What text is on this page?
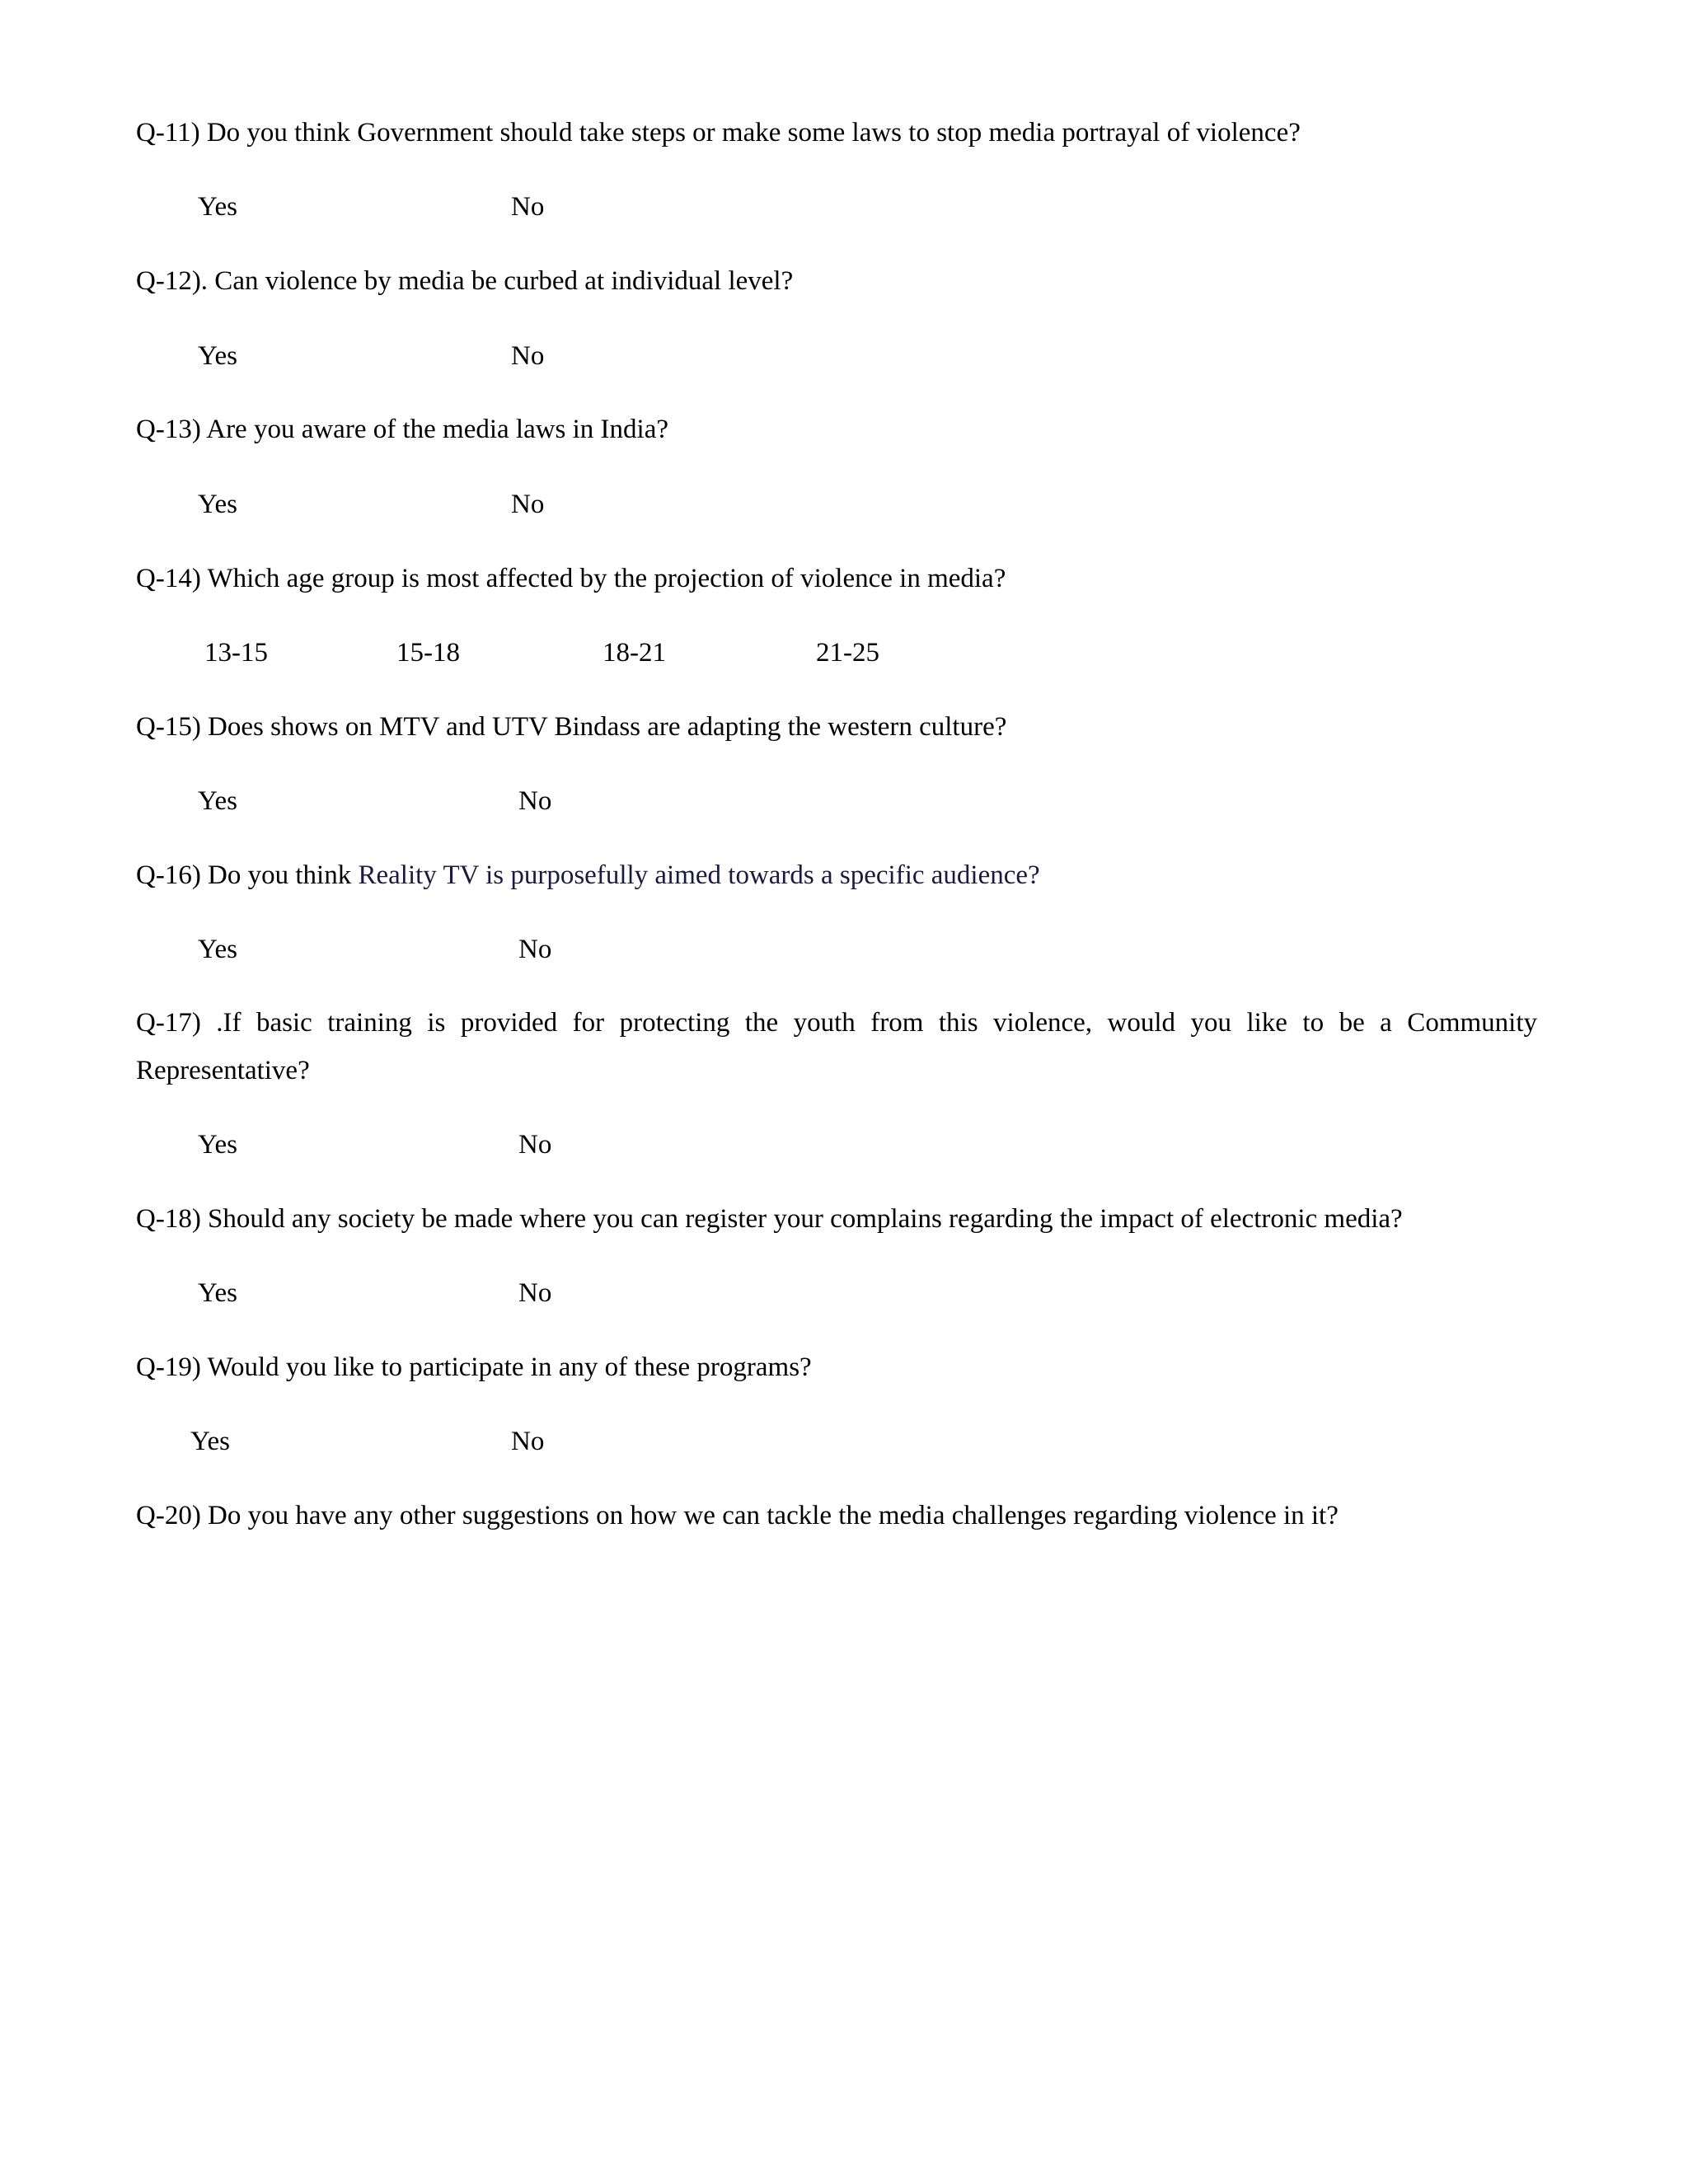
Q-11) Do you think Government should take steps or make some laws to stop media portrayal of violence?
Yes	No
Q-12). Can violence by media be curbed at individual level?
Yes	No
Q-13) Are you aware of the media laws in India?
Yes	No
Q-14) Which age group is most affected by the projection of violence in media?
13-15	15-18	18-21	21-25
Q-15) Does shows on MTV and UTV Bindass are adapting the western culture?
Yes	No
Q-16) Do you think Reality TV is purposefully aimed towards a specific audience?
Yes	No
Q-17) .If basic training is provided for protecting the youth from this violence, would you like to be a Community
Representative?
Yes	No
Q-18) Should any society be made where you can register your complains regarding the impact of electronic media?
Yes	No
Q-19) Would you like to participate in any of these programs?
Yes	No
Q-20) Do you have any other suggestions on how we can tackle the media challenges regarding violence in it?
